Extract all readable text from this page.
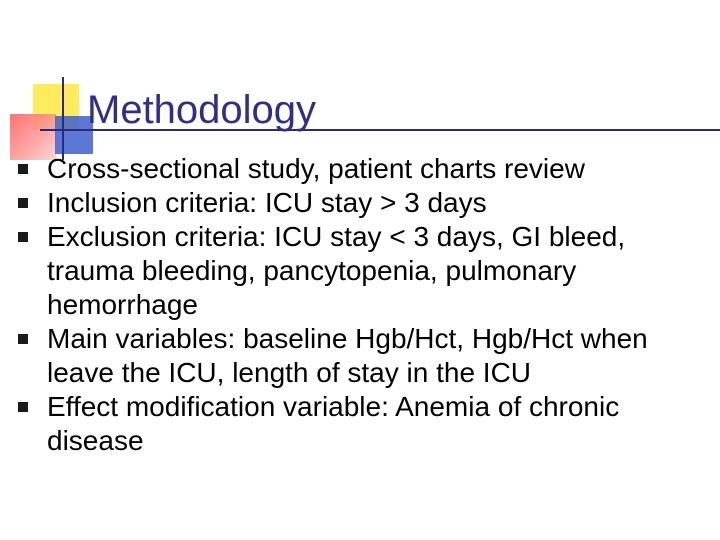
Methodology
Cross-sectional study, patient charts review
Inclusion criteria: ICU stay > 3 days
Exclusion criteria: ICU stay < 3 days, GI bleed, trauma bleeding, pancytopenia, pulmonary hemorrhage
Main variables: baseline Hgb/Hct, Hgb/Hct when leave the ICU, length of stay in the ICU
Effect modification variable: Anemia of chronic disease
